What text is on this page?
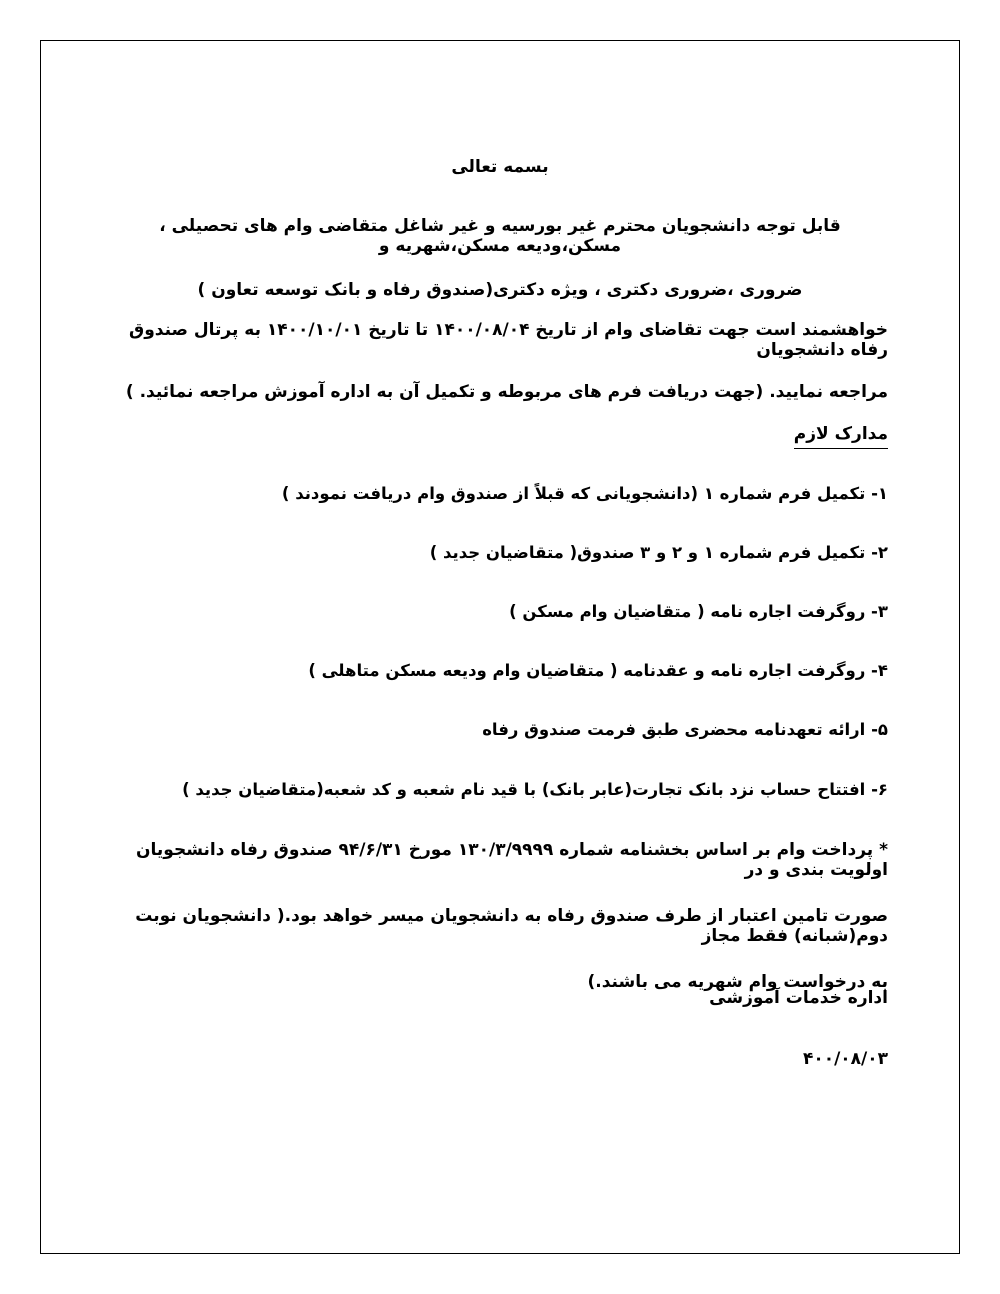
بسمه تعالی
قابل توجه دانشجویان محترم غیر بورسیه و غیر شاغل متقاضی وام های تحصیلی ، مسکن،ودیعه مسکن،شهریه و
ضروری ،ضروری دکتری ، ویژه دکتری(صندوق رفاه و بانک توسعه تعاون )
خواهشمند است جهت تقاضای وام از تاریخ ۱۴۰۰/۰۸/۰۴ تا تاریخ ۱۴۰۰/۱۰/۰۱ به پرتال صندوق رفاه دانشجویان
مراجعه نمایید. (جهت دریافت فرم های مربوطه و تکمیل آن به اداره آموزش مراجعه نمائید. )
مدارک لازم
۱- تکمیل فرم شماره ۱ (دانشجویانی که قبلاً از صندوق وام دریافت نمودند )
۲- تکمیل فرم شماره ۱ و ۲ و ۳ صندوق( متقاضیان جدید )
۳- روگرفت اجاره نامه ( متقاضیان وام مسکن )
۴- روگرفت اجاره نامه و عقدنامه ( متقاضیان وام ودیعه مسکن متاهلی )
۵- ارائه تعهدنامه محضری طبق فرمت صندوق رفاه
۶- افتتاح حساب نزد بانک تجارت(عابر بانک) با قید نام شعبه و کد شعبه(متقاضیان جدید )
* پرداخت وام بر اساس بخشنامه شماره ۱۳۰/۳/۹۹۹۹ مورخ ۹۴/۶/۳۱ صندوق رفاه دانشجویان اولویت بندی و در
صورت تامین اعتبار از طرف صندوق رفاه به دانشجویان میسر خواهد بود.( دانشجویان نوبت دوم(شبانه) فقط مجاز
به درخواست وام شهریه می باشند.)
اداره خدمات آموزشی
۴۰۰/۰۸/۰۳
